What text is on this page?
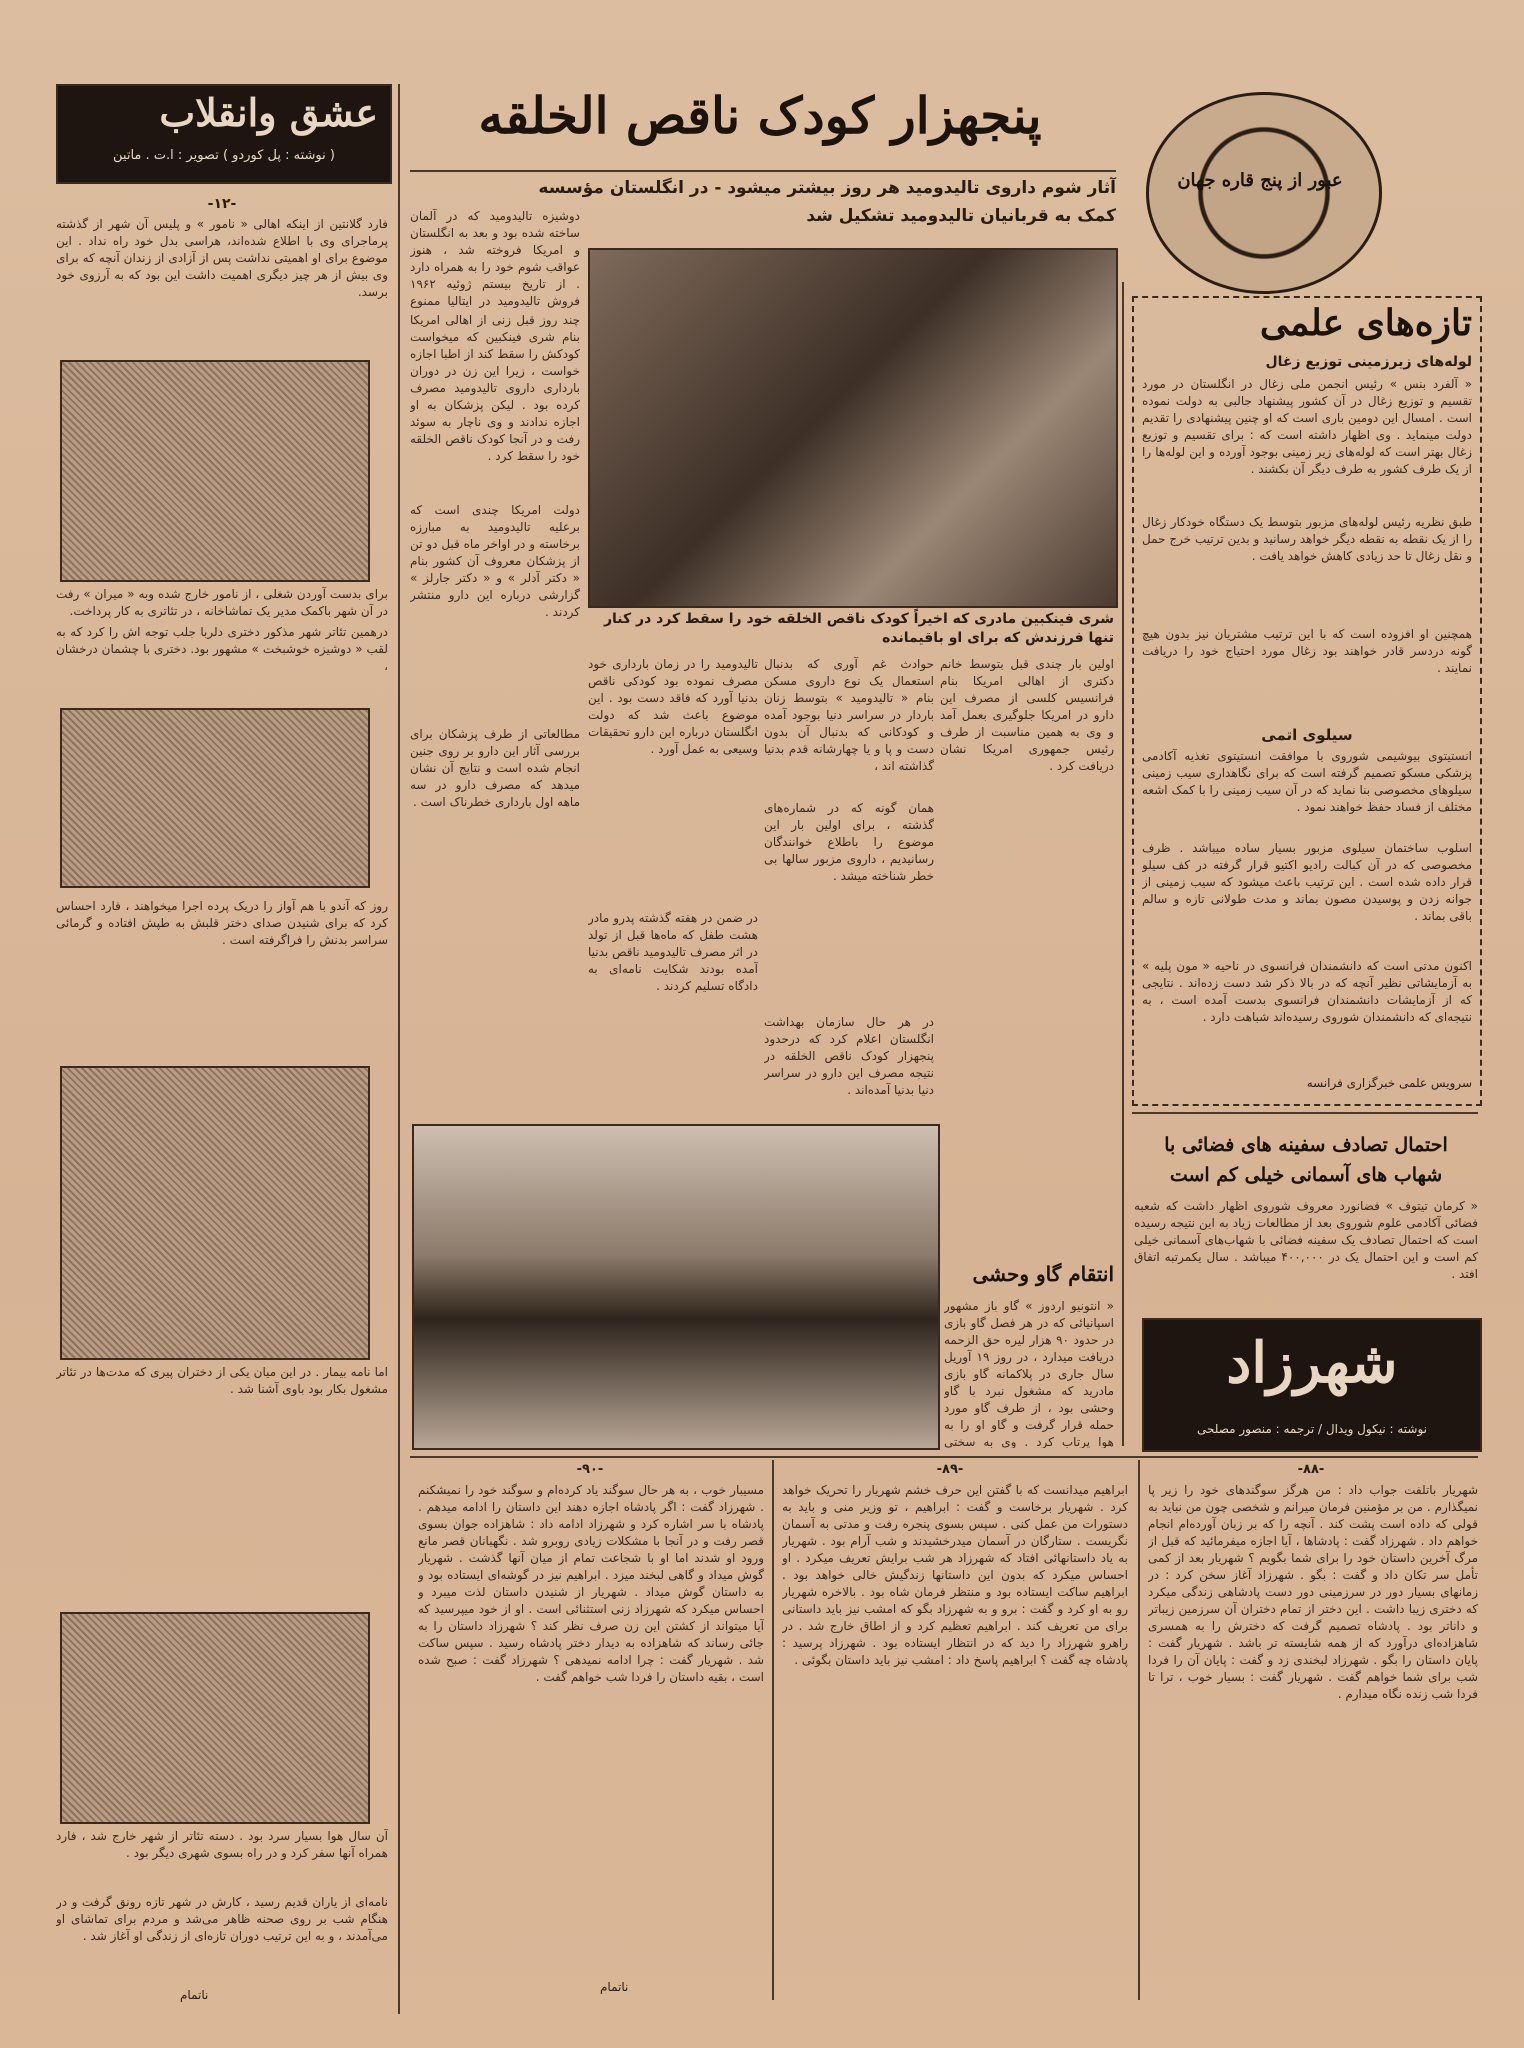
عشق وانقلاب
( نوشته : پل کوردو ) تصویر : ا.ت . ماتین
-۱۲-
فارد گلانتین از اینکه اهالی « نامور » و پلیس آن شهر از گذشته پرماجرای وی با اطلاع شده‌اند، هراسی بدل خود راه نداد . این موضوع برای او اهمیتی نداشت پس از آزادی از زندان آنچه که برای وی بیش از هر چیز دیگری اهمیت داشت این بود که به آرزوی خود برسد.
برای بدست آوردن شغلی ، از نامور خارج شده وبه « میران » رفت در آن شهر باکمک مدیر یک تماشاخانه ، در تئاتری به کار پرداخت.
درهمین تئاتر شهر مذکور دختری دلربا جلب توجه اش را کرد که به لقب « دوشیزه خوشبخت » مشهور بود. دختری با چشمان درخشان ،
روز که آندو با هم آواز را دریک پرده اجرا میخواهند ، فارد احساس کرد که برای شنیدن صدای دختر قلبش به طپش افتاده و گرمائی سراسر بدنش را فراگرفته است .
اما نامه بیمار . در این میان یکی از دختران پیری که مدت‌ها در تئاتر مشغول بکار بود باوی آشنا شد .
آن سال هوا بسیار سرد بود . دسته تئاتر از شهر خارج شد ، فارد همراه آنها سفر کرد و در راه بسوی شهری دیگر بود .
نامه‌ای از یاران قدیم رسید ، کارش در شهر تازه رونق گرفت و در هنگام شب بر روی صحنه ظاهر می‌شد و مردم برای تماشای او می‌آمدند ، و به این ترتیب دوران تازه‌ای از زندگی او آغاز شد .
ناتمام
پنجهزار کودک ناقص الخلقه
آثار شوم داروی تالیدومید هر روز بیشتر میشود - در انگلستان مؤسسه
کمک به قربانیان تالیدومید تشکیل شد
دوشیزه تالیدومید که در آلمان ساخته شده بود و بعد به انگلستان و امریکا فروخته شد ، هنوز عواقب شوم خود را به همراه دارد . از تاریخ بیستم ژوئیه ۱۹۶۲ فروش تالیدومید در ایتالیا ممنوع
چند روز قبل زنی از اهالی امریکا بنام شری فینکبین که میخواست کودکش را سقط کند از اطبا اجازه خواست ، زیرا این زن در دوران بارداری داروی تالیدومید مصرف کرده بود . لیکن پزشکان به او اجازه ندادند و وی ناچار به سوئد رفت و در آنجا کودک ناقص الخلقه خود را سقط کرد .
دولت امریکا چندی است که برعلیه تالیدومید به مبارزه برخاسته و در اواخر ماه قبل دو تن از پزشکان معروف آن کشور بنام « دکتر آدلر » و « دکتر جارلز » گزارشی درباره این دارو منتشر کردند .	شری فینکبین مادری که اخیراً کودک ناقص الخلقه خود را سقط کرد در کنار تنها فرزندش که برای او باقیمانده
مطالعاتی از طرف پزشکان برای بررسی آثار این دارو بر روی جنین انجام شده است و نتایج آن نشان میدهد که مصرف دارو در سه ماهه اول بارداری خطرناک است .
تالیدومید را در زمان بارداری خود مصرف نموده بود کودکی ناقص بدنیا آورد که فاقد دست بود . این موضوع باعث شد که دولت انگلستان درباره این دارو تحقیقات وسیعی به عمل آورد .
در ضمن در هفته گذشته پدرو مادر هشت طفل که ماه‌ها قبل از تولد در اثر مصرف تالیدومید ناقص بدنیا آمده بودند شکایت نامه‌ای به دادگاه تسلیم کردند .
حوادث غم آوری که بدنبال استعمال یک نوع داروی مسکن بنام « تالیدومید » بتوسط زنان باردار در سراسر دنیا بوجود آمده و کودکانی که بدنبال آن بدون دست و پا و یا چهارشانه قدم بدنیا گذاشته اند ،
همان گونه که در شماره‌های گذشته ، برای اولین بار این موضوع را باطلاع خوانندگان رسانیدیم ، داروی مزبور سالها بی خطر شناخته میشد .
در هر حال سازمان بهداشت انگلستان اعلام کرد که درحدود پنجهزار کودک ناقص الخلقه در نتیجه مصرف این دارو در سراسر دنیا بدنیا آمده‌اند .
اولین بار چندی قبل بتوسط خانم دکتری از اهالی امریکا بنام فرانسیس کلسی از مصرف این دارو در امریکا جلوگیری بعمل آمد و وی به همین مناسبت از طرف رئیس جمهوری امریکا نشان دریافت کرد .
انتقام گاو وحشی
« انتونیو اردوز » گاو باز مشهور اسپانیائی که در هر فصل گاو بازی در حدود ۹۰ هزار لیره حق الزحمه دریافت میدارد ، در روز ۱۹ آوریل سال جاری در پلاکمانه گاو بازی مادرید که مشغول نبرد با گاو وحشی بود ، از طرف گاو مورد حمله قرار گرفت و گاو او را به هوا پرتاب کرد . وی به سختی
عبور از پنج قاره جهان
تازه‌های علمی
لوله‌های زیرزمینی توزیع زغال
« آلفرد بنس » رئیس انجمن ملی زغال در انگلستان در مورد تقسیم و توزیع زغال در آن کشور پیشنهاد جالبی به دولت نموده است . امسال این دومین باری است که او چنین پیشنهادی را تقدیم دولت مینماید . وی اظهار داشته است که : برای تقسیم و توزیع زغال بهتر است که لوله‌های زیر زمینی بوجود آورده و این لوله‌ها را از یک طرف کشور به طرف دیگر آن بکشند .
طبق نظریه رئیس لوله‌های مزبور بتوسط یک دستگاه خودکار زغال را از یک نقطه به نقطه دیگر خواهد رسانید و بدین ترتیب خرج حمل و نقل زغال تا حد زیادی کاهش خواهد یافت .
همچنین او افزوده است که با این ترتیب مشتریان نیز بدون هیچ گونه دردسر قادر خواهند بود زغال مورد احتیاج خود را دریافت نمایند .
سیلوی اتمی
انستیتوی بیوشیمی شوروی با موافقت انستیتوی تغذیه آکادمی پزشکی مسکو تصمیم گرفته است که برای نگاهداری سیب زمینی سیلوهای مخصوصی بنا نماید که در آن سیب زمینی را با کمک اشعه مختلف از فساد حفظ خواهند نمود .
اسلوب ساختمان سیلوی مزبور بسیار ساده میباشد . ظرف مخصوصی که در آن کبالت رادیو اکتیو قرار گرفته در کف سیلو قرار داده شده است . این ترتیب باعث میشود که سیب زمینی از جوانه زدن و پوسیدن مصون بماند و مدت طولانی تازه و سالم باقی بماند .
اکنون مدتی است که دانشمندان فرانسوی در ناحیه « مون پلیه » به آزمایشاتی نظیر آنچه که در بالا ذکر شد دست زده‌اند . نتایجی که از آزمایشات دانشمندان فرانسوی بدست آمده است ، به نتیجه‌ای که دانشمندان شوروی رسیده‌اند شباهت دارد .
سرویس علمی خبرگزاری فرانسه
احتمال تصادف سفینه های فضائی با
شهاب های آسمانی خیلی کم است
« کرمان تیتوف » فضانورد معروف شوروی اظهار داشت که شعبه فضائی آکادمی علوم شوروی بعد از مطالعات زیاد به این نتیجه رسیده است که احتمال تصادف یک سفینه فضائی با شهاب‌های آسمانی خیلی کم است و این احتمال یک در ۴۰۰,۰۰۰ میباشد . سال یکمرتبه اتفاق افتد .
شهرزاد
نوشته : نیکول ویدال / ترجمه : منصور مصلحی
-۹۰-	-۸۹-	-۸۸-
مسیبار خوب ، به هر حال سوگند یاد کرده‌ام و سوگند خود را نمیشکنم . شهرزاد گفت : اگر پادشاه اجازه دهند این داستان را ادامه میدهم . پادشاه با سر اشاره کرد و شهرزاد ادامه داد : شاهزاده جوان بسوی قصر رفت و در آنجا با مشکلات زیادی روبرو شد . نگهبانان قصر مانع ورود او شدند اما او با شجاعت تمام از میان آنها گذشت . شهریار گوش میداد و گاهی لبخند میزد . ابراهیم نیز در گوشه‌ای ایستاده بود و به داستان گوش میداد . شهریار از شنیدن داستان لذت میبرد و احساس میکرد که شهرزاد زنی استثنائی است . او از خود میپرسید که آیا میتواند از کشتن این زن صرف نظر کند ؟ شهرزاد داستان را به جائی رساند که شاهزاده به دیدار دختر پادشاه رسید . سپس ساکت شد . شهریار گفت : چرا ادامه نمیدهی ؟ شهرزاد گفت : صبح شده است ، بقیه داستان را فردا شب خواهم گفت .
ناتمام
ابراهیم میدانست که با گفتن این حرف خشم شهریار را تحریک خواهد کرد . شهریار برخاست و گفت : ابراهیم ، تو وزیر منی و باید به دستورات من عمل کنی . سپس بسوی پنجره رفت و مدتی به آسمان نگریست . ستارگان در آسمان میدرخشیدند و شب آرام بود . شهریار به یاد داستانهائی افتاد که شهرزاد هر شب برایش تعریف میکرد . او احساس میکرد که بدون این داستانها زندگیش خالی خواهد بود . ابراهیم ساکت ایستاده بود و منتظر فرمان شاه بود . بالاخره شهریار رو به او کرد و گفت : برو و به شهرزاد بگو که امشب نیز باید داستانی برای من تعریف کند . ابراهیم تعظیم کرد و از اطاق خارج شد . در راهرو شهرزاد را دید که در انتظار ایستاده بود . شهرزاد پرسید : پادشاه چه گفت ؟ ابراهیم پاسخ داد : امشب نیز باید داستان بگوئی .
شهریار باتلفت جواب داد : من هرگز سوگندهای خود را زیر پا نمیگذارم . من بر مؤمنین فرمان میرانم و شخصی چون من نباید به قولی که داده است پشت کند . آنچه را که بر زبان آورده‌ام انجام خواهم داد . شهرزاد گفت : پادشاها ، آیا اجازه میفرمائید که قبل از مرگ آخرین داستان خود را برای شما بگویم ؟ شهریار بعد از کمی تأمل سر تکان داد و گفت : بگو . شهرزاد آغاز سخن کرد : در زمانهای بسیار دور در سرزمینی دور دست پادشاهی زندگی میکرد که دختری زیبا داشت . این دختر از تمام دختران آن سرزمین زیباتر و داناتر بود . پادشاه تصمیم گرفت که دخترش را به همسری شاهزاده‌ای درآورد که از همه شایسته تر باشد . شهریار گفت : پایان داستان را بگو . شهرزاد لبخندی زد و گفت : پایان آن را فردا شب برای شما خواهم گفت . شهریار گفت : بسیار خوب ، ترا تا فردا شب زنده نگاه میدارم .
